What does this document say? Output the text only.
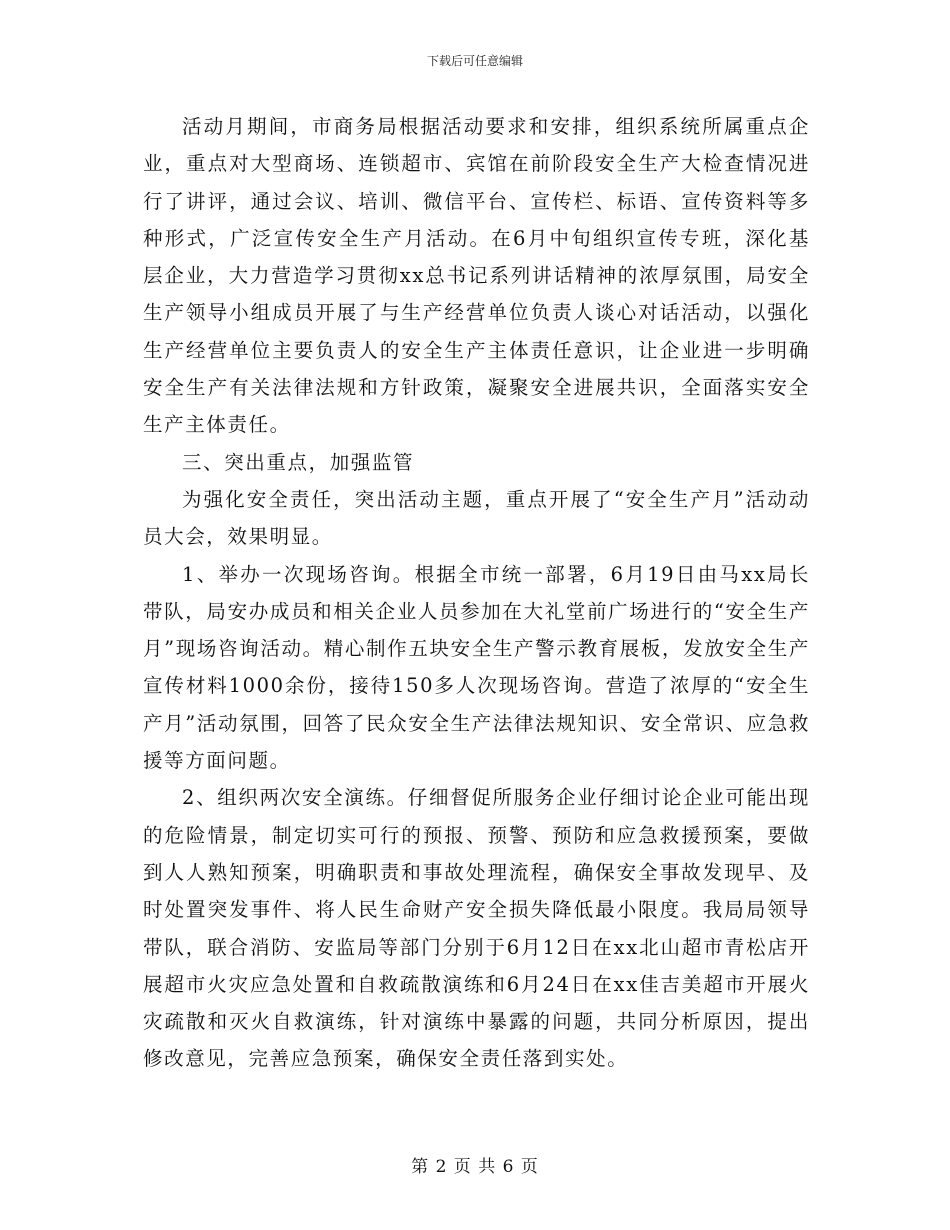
下载后可任意编辑

活动月期间，市商务局根据活动要求和安排，组织系统所属重点企业，重点对大型商场、连锁超市、宾馆在前阶段安全生产大检查情况进行了讲评，通过会议、培训、微信平台、宣传栏、标语、宣传资料等多种形式，广泛宣传安全生产月活动。在6月中旬组织宣传专班，深化基层企业，大力营造学习贯彻xx总书记系列讲话精神的浓厚氛围，局安全生产领导小组成员开展了与生产经营单位负责人谈心对话活动，以强化生产经营单位主要负责人的安全生产主体责任意识，让企业进一步明确安全生产有关法律法规和方针政策，凝聚安全进展共识，全面落实安全生产主体责任。

三、突出重点，加强监管

为强化安全责任，突出活动主题，重点开展了“安全生产月”活动动员大会，效果明显。

1、举办一次现场咨询。根据全市统一部署，6月19日由马xx局长带队，局安办成员和相关企业人员参加在大礼堂前广场进行的“安全生产月”现场咨询活动。精心制作五块安全生产警示教育展板，发放安全生产宣传材料1000余份，接待150多人次现场咨询。营造了浓厚的“安全生产月”活动氛围，回答了民众安全生产法律法规知识、安全常识、应急救援等方面问题。

2、组织两次安全演练。仔细督促所服务企业仔细讨论企业可能出现的危险情景，制定切实可行的预报、预警、预防和应急救援预案，要做到人人熟知预案，明确职责和事故处理流程，确保安全事故发现早、及时处置突发事件、将人民生命财产安全损失降低最小限度。我局局领导带队，联合消防、安监局等部门分别于6月12日在xx北山超市青松店开展超市火灾应急处置和自救疏散演练和6月24日在xx佳吉美超市开展火灾疏散和灭火自救演练，针对演练中暴露的问题，共同分析原因，提出修改意见，完善应急预案，确保安全责任落到实处。

第 2 页 共 6 页
